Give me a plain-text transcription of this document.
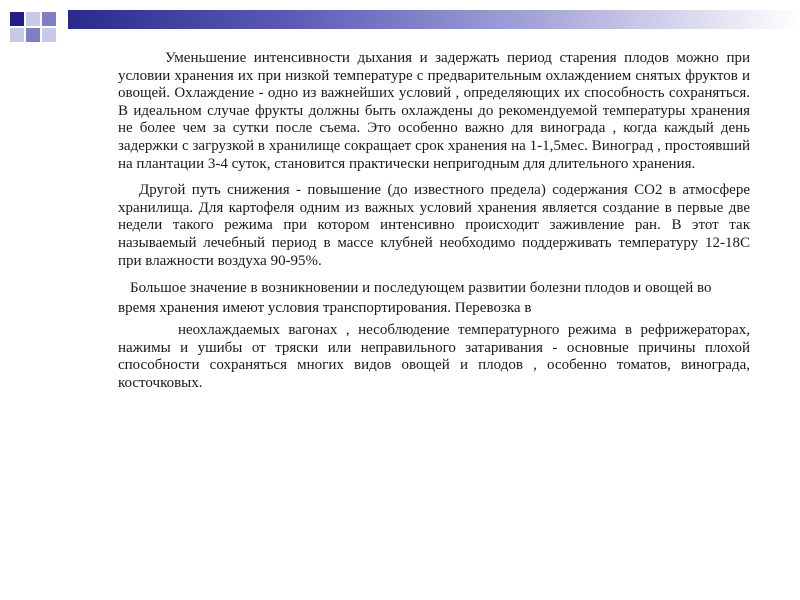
Уменьшение интенсивности дыхания и задержать период старения плодов можно при условии хранения их при низкой температуре с предварительным охлаждением снятых фруктов и овощей. Охлаждение - одно из важнейших условий , определяющих их способность сохраняться. В идеальном случае фрукты должны быть охлаждены до рекомендуемой температуры хранения не более чем за сутки после съема. Это особенно важно для винограда , когда каждый день задержки с загрузкой в хранилище сокращает срок хранения на 1-1,5мес. Виноград , простоявший на плантации 3-4 суток, становится практически непригодным для длительного хранения.

Другой путь снижения - повышение (до известного предела) содержания СО2 в атмосфере хранилища. Для картофеля одним из важных условий хранения является создание в первые две недели такого режима при котором интенсивно происходит заживление ран. В этот так называемый лечебный период в массе клубней необходимо поддерживать температуру 12-18С при влажности воздуха 90-95%.

Большое значение в возникновении и последующем развитии болезни плодов и овощей во время хранения имеют условия транспортирования. Перевозка в

неохлаждаемых вагонах , несоблюдение температурного режима в рефрижераторах, нажимы и ушибы от тряски или неправильного затаривания - основные причины плохой способности сохраняться многих видов овощей и плодов , особенно томатов, винограда, косточковых.
